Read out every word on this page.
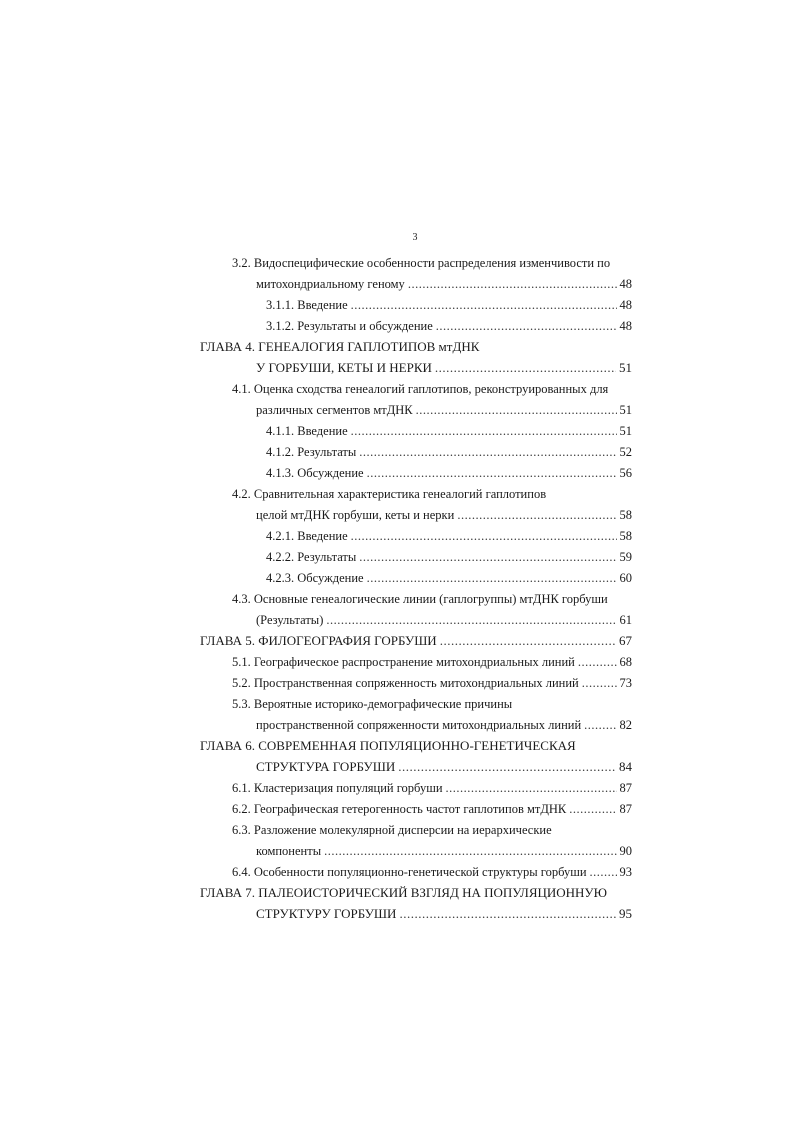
3
3.2. Видоспецифические особенности распределения изменчивости по
митохондриальному геному .....	48
3.1.1. Введение .....	48
3.1.2. Результаты и обсуждение .....	48
ГЛАВА 4. ГЕНЕАЛОГИЯ ГАПЛОТИПОВ мтДНК
У ГОРБУШИ, КЕТЫ И НЕРКИ .....	51
4.1. Оценка сходства генеалогий гаплотипов, реконструированных для
различных сегментов мтДНК .....	51
4.1.1. Введение .....	51
4.1.2. Результаты .....	52
4.1.3. Обсуждение .....	56
4.2. Сравнительная характеристика генеалогий гаплотипов
целой мтДНК горбуши, кеты и нерки .....	58
4.2.1. Введение .....	58
4.2.2. Результаты .....	59
4.2.3. Обсуждение .....	60
4.3. Основные генеалогические линии (гаплогруппы) мтДНК горбуши
(Результаты) .....	61
ГЛАВА 5. ФИЛОГЕОГРАФИЯ ГОРБУШИ .....	67
5.1. Географическое распространение митохондриальных линий .....	68
5.2. Пространственная сопряженность митохондриальных линий .....	73
5.3. Вероятные историко-демографические причины
пространственной сопряженности митохондриальных линий .....	82
ГЛАВА 6. СОВРЕМЕННАЯ ПОПУЛЯЦИОННО-ГЕНЕТИЧЕСКАЯ
СТРУКТУРА ГОРБУШИ .....	84
6.1. Кластеризация популяций горбуши .....	87
6.2. Географическая гетерогенность частот гаплотипов мтДНК .....	87
6.3. Разложение молекулярной дисперсии на иерархические
компоненты .....	90
6.4. Особенности популяционно-генетической структуры горбуши .....	93
ГЛАВА 7. ПАЛЕОИСТОРИЧЕСКИЙ ВЗГЛЯД НА ПОПУЛЯЦИОННУЮ
СТРУКТУРУ ГОРБУШИ .....	95
